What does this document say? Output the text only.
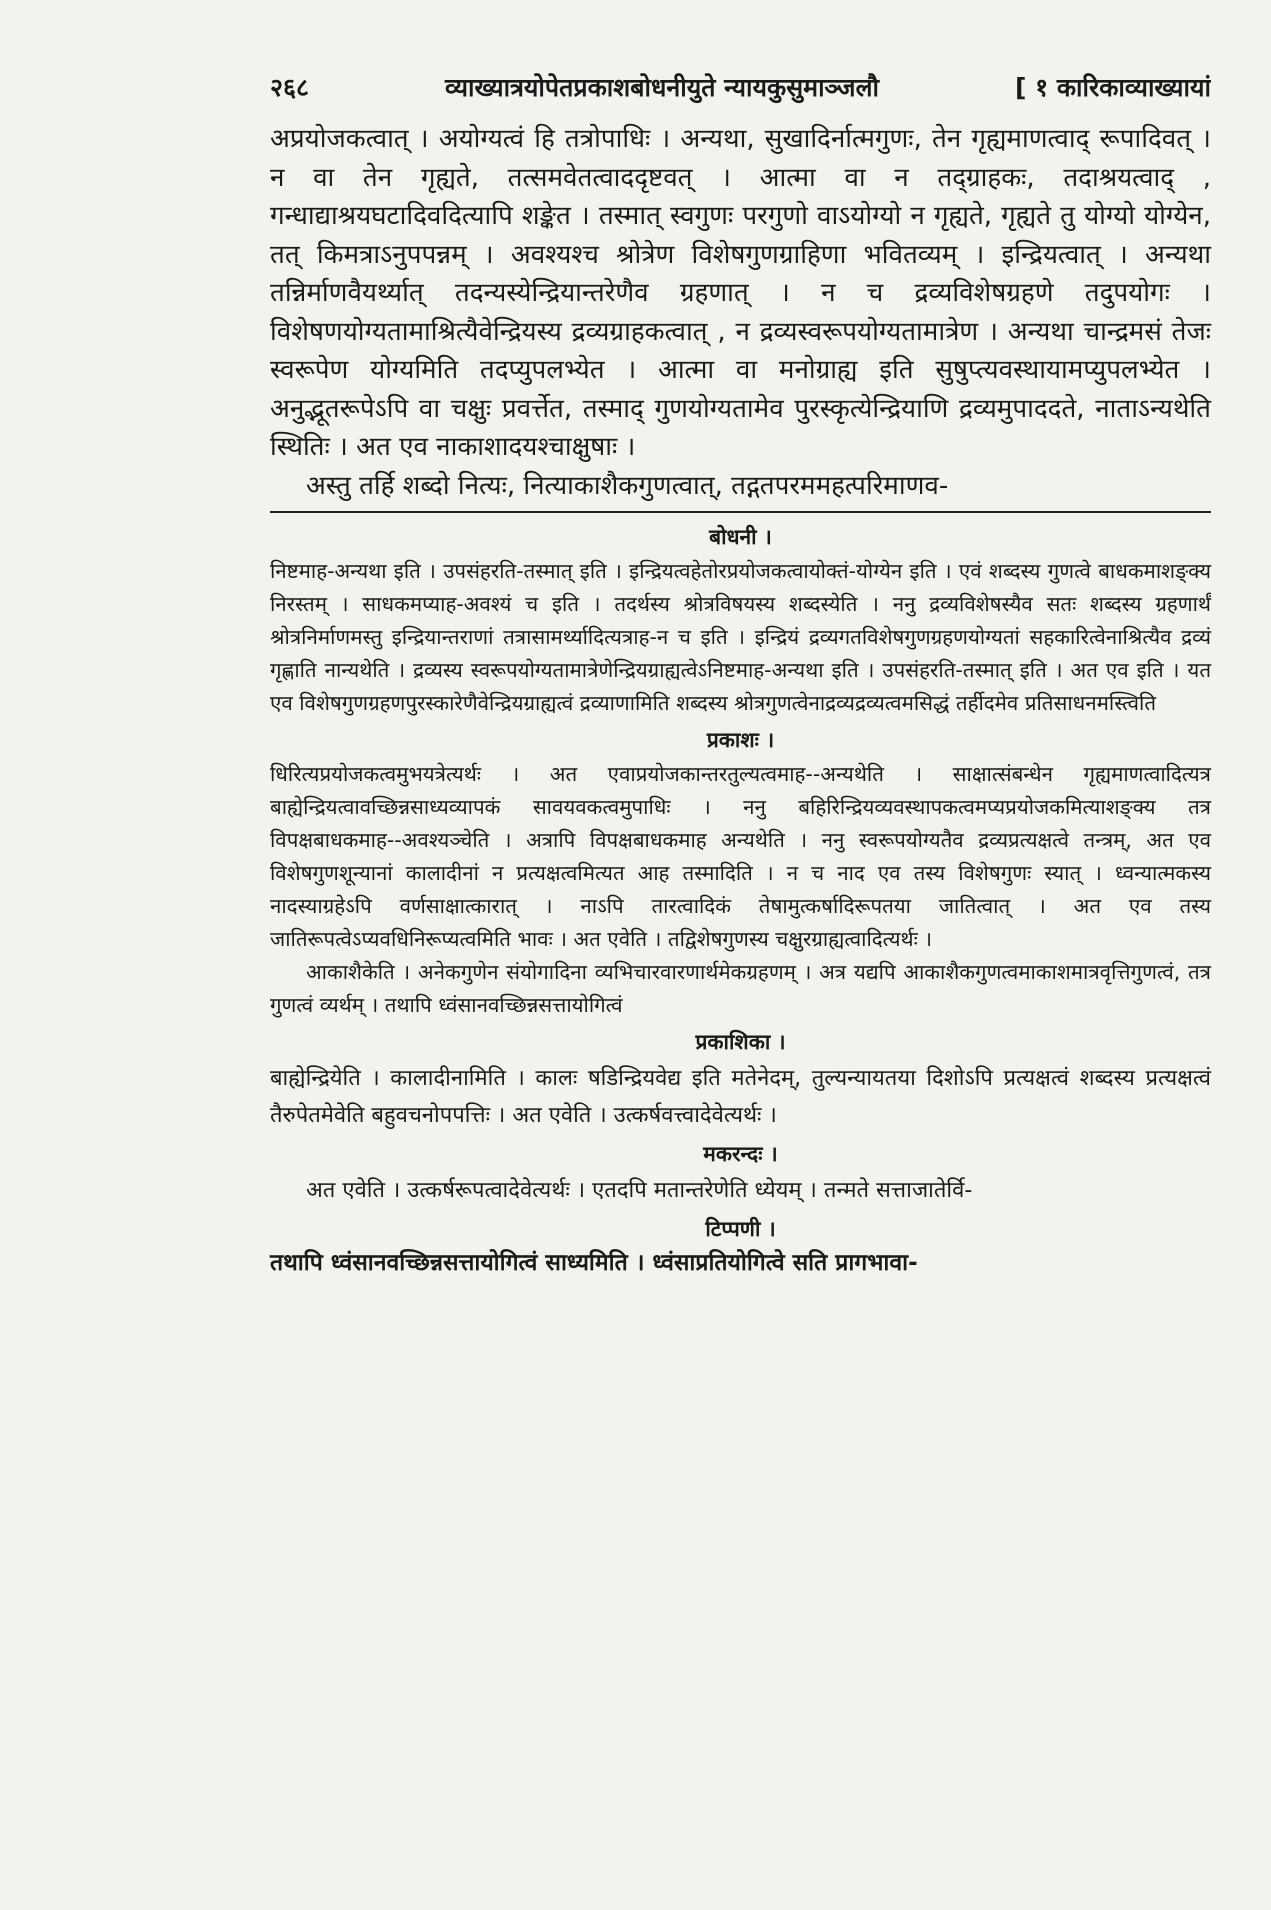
२६८	व्याख्यात्रयोपेतप्रकाशबोधनीयुते न्यायकुसुमाञ्जलौ	[ १ कारिकाव्याख्यायां

अप्रयोजकत्वात् । अयोग्यत्वं हि तत्रोपाधिः । अन्यथा, सुखादिर्नात्मगुणः, तेन गृह्यमाणत्वाद् रूपादिवत् । न वा तेन गृह्यते, तत्समवेतत्वाददृष्टवत् । आत्मा वा न तद्ग्राहकः, तदाश्रयत्वाद् , गन्धाद्याश्रयघटादिवदित्यापि शङ्केत । तस्मात् स्वगुणः परगुणो वाऽयोग्यो न गृह्यते, गृह्यते तु योग्यो योग्येन, तत् किमत्राऽनुपपन्नम् । अवश्यश्च श्रोत्रेण विशेषगुणग्राहिणा भवितव्यम् । इन्द्रियत्वात् । अन्यथा तन्निर्माणवैयर्थ्यात् तदन्यस्येन्द्रियान्तरेणैव ग्रहणात् । न च द्रव्यविशेषग्रहणे तदुपयोगः । विशेषणयोग्यतामाश्रित्यैवेन्द्रियस्य द्रव्यग्राहकत्वात् , न द्रव्यस्वरूपयोग्यतामात्रेण । अन्यथा चान्द्रमसं तेजः स्वरूपेण योग्यमिति तदप्युपलभ्येत । आत्मा वा मनोग्राह्य इति सुषुप्त्यवस्थायामप्युपलभ्येत । अनुद्भूतरूपेऽपि वा चक्षुः प्रवर्त्तेत, तस्माद् गुणयोग्यतामेव पुरस्कृत्येन्द्रियाणि द्रव्यमुपाददते, नाताऽन्यथेति स्थितिः । अत एव नाकाशादयश्चाक्षुषाः ।

अस्तु तर्हि शब्दो नित्यः, नित्याकाशैकगुणत्वात्, तद्गतपरममहत्परिमाणव-

बोधनी ।

निष्टमाह-अन्यथा इति । उपसंहरति-तस्मात् इति । इन्द्रियत्वहेतोरप्रयोजकत्वायोक्तं-योग्येन इति । एवं शब्दस्य गुणत्वे बाधकमाशङ्क्य निरस्तम् । साधकमप्याह-अवश्यं च इति । तदर्थस्य श्रोत्रविषयस्य शब्दस्येति । ननु द्रव्यविशेषस्यैव सतः शब्दस्य ग्रहणार्थं श्रोत्रनिर्माणमस्तु इन्द्रियान्तराणां तत्रासामर्थ्यादित्यत्राह-न च इति । इन्द्रियं द्रव्यगतविशेषगुणग्रहणयोग्यतां सहकारित्वेनाश्रित्यैव द्रव्यं गृह्णाति नान्यथेति । द्रव्यस्य स्वरूपयोग्यतामात्रेणेन्द्रियग्राह्यत्वेऽनिष्टमाह-अन्यथा इति । उपसंहरति-तस्मात् इति । अत एव इति । यत एव विशेषगुणग्रहणपुरस्कारेणैवेन्द्रियग्राह्यत्वं द्रव्याणामिति शब्दस्य श्रोत्रगुणत्वेनाद्रव्यद्रव्यत्वमसिद्धं तर्हीदमेव प्रतिसाधनमस्त्विति

प्रकाशः ।

धिरित्यप्रयोजकत्वमुभयत्रेत्यर्थः । अत एवाप्रयोजकान्तरतुल्यत्वमाह--अन्यथेति । साक्षात्संबन्धेन गृह्यमाणत्वादित्यत्र बाह्येन्द्रियत्वावच्छिन्नसाध्यव्यापकं सावयवकत्वमुपाधिः । ननु बहिरिन्द्रियव्यवस्थापकत्वमप्यप्रयोजकमित्याशङ्क्य तत्र विपक्षबाधकमाह--अवश्यञ्चेति । अत्रापि विपक्षबाधकमाह अन्यथेति । ननु स्वरूपयोग्यतैव द्रव्यप्रत्यक्षत्वे तन्त्रम्, अत एव विशेषगुणशून्यानां कालादीनां न प्रत्यक्षत्वमित्यत आह तस्मादिति । न च नाद एव तस्य विशेषगुणः स्यात् । ध्वन्यात्मकस्य नादस्याग्रहेऽपि वर्णसाक्षात्कारात् । नाऽपि तारत्वादिकं तेषामुत्कर्षादिरूपतया जातित्वात् । अत एव तस्य जातिरूपत्वेऽप्यवधिनिरूप्यत्वमिति भावः । अत एवेति । तद्विशेषगुणस्य चक्षुरग्राह्यत्वादित्यर्थः ।

आकाशैकेति । अनेकगुणेन संयोगादिना व्यभिचारवारणार्थमेकग्रहणम् । अत्र यद्यपि आकाशैकगुणत्वमाकाशमात्रवृत्तिगुणत्वं, तत्र गुणत्वं व्यर्थम् । तथापि ध्वंसानवच्छिन्नसत्तायोगित्वं

प्रकाशिका ।

बाह्येन्द्रियेति । कालादीनामिति । कालः षडिन्द्रियवेद्य इति मतेनेदम्, तुल्यन्यायतया दिशोऽपि प्रत्यक्षत्वं शब्दस्य प्रत्यक्षत्वं तैरुपेतमेवेति बहुवचनोपपत्तिः । अत एवेति । उत्कर्षवत्त्वादेवेत्यर्थः ।

मकरन्दः ।

अत एवेति । उत्कर्षरूपत्वादेवेत्यर्थः । एतदपि मतान्तरेणेति ध्येयम् । तन्मते सत्ताजातेर्वि-

टिप्पणी ।

तथापि ध्वंसानवच्छिन्नसत्तायोगित्वं साध्यमिति । ध्वंसाप्रतियोगित्वे सति प्रागभावा-
